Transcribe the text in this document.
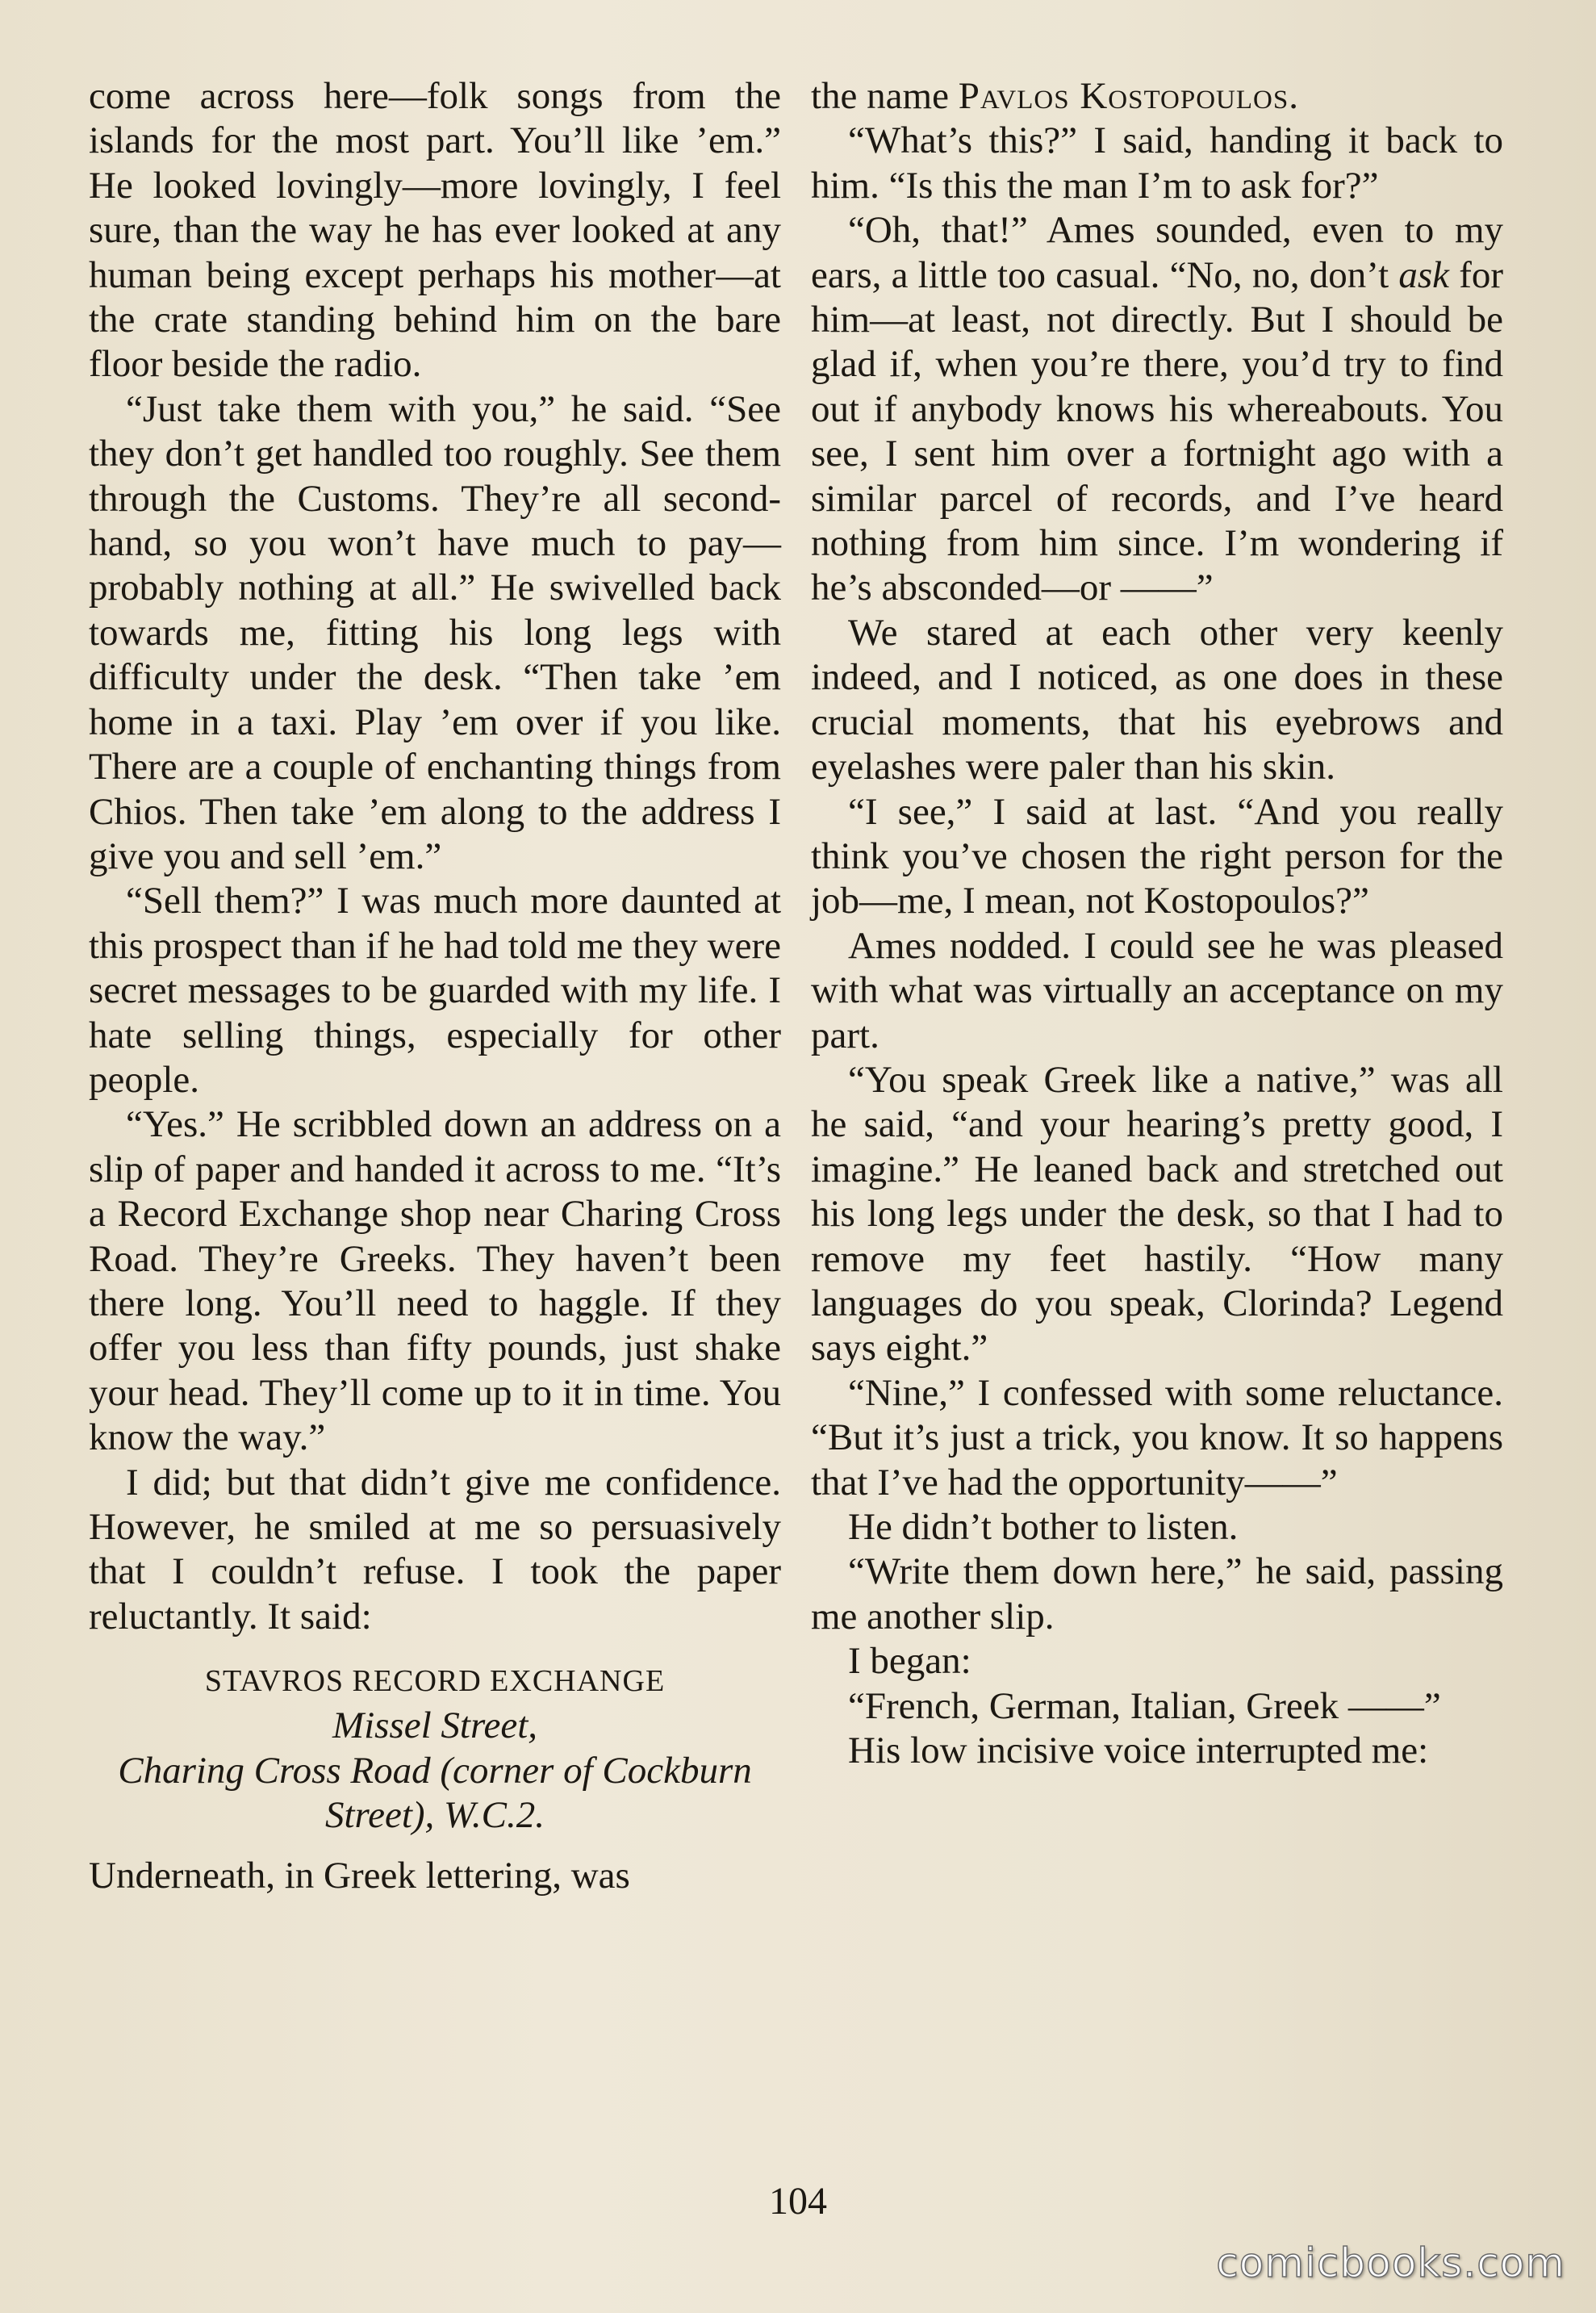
come across here—folk songs from the islands for the most part. You’ll like ’em.” He looked lovingly—more lovingly, I feel sure, than the way he has ever looked at any human being except perhaps his mother—at the crate standing behind him on the bare floor beside the radio.

“Just take them with you,” he said. “See they don’t get handled too roughly. See them through the Customs. They’re all second-hand, so you won’t have much to pay—probably nothing at all.” He swivelled back towards me, fitting his long legs with difficulty under the desk. “Then take ’em home in a taxi. Play ’em over if you like. There are a couple of enchanting things from Chios. Then take ’em along to the address I give you and sell ’em.”

“Sell them?” I was much more daunted at this prospect than if he had told me they were secret messages to be guarded with my life. I hate selling things, especially for other people.

“Yes.” He scribbled down an address on a slip of paper and handed it across to me. “It’s a Record Exchange shop near Charing Cross Road. They’re Greeks. They haven’t been there long. You’ll need to haggle. If they offer you less than fifty pounds, just shake your head. They’ll come up to it in time. You know the way.”

I did; but that didn’t give me confidence. However, he smiled at me so persuasively that I couldn’t refuse. I took the paper reluctantly. It said:

STAVROS RECORD EXCHANGE
Missel Street,
Charing Cross Road (corner of Cockburn Street), W.C.2.

Underneath, in Greek lettering, was

the name Pavlos Kostopoulos.

“What’s this?” I said, handing it back to him. “Is this the man I’m to ask for?”

“Oh, that!” Ames sounded, even to my ears, a little too casual. “No, no, don’t ask for him—at least, not directly. But I should be glad if, when you’re there, you’d try to find out if anybody knows his whereabouts. You see, I sent him over a fortnight ago with a similar parcel of records, and I’ve heard nothing from him since. I’m wondering if he’s absconded—or ——”

We stared at each other very keenly indeed, and I noticed, as one does in these crucial moments, that his eyebrows and eyelashes were paler than his skin.

“I see,” I said at last. “And you really think you’ve chosen the right person for the job—me, I mean, not Kostopoulos?”

Ames nodded. I could see he was pleased with what was virtually an acceptance on my part.

“You speak Greek like a native,” was all he said, “and your hearing’s pretty good, I imagine.” He leaned back and stretched out his long legs under the desk, so that I had to remove my feet hastily. “How many languages do you speak, Clorinda? Legend says eight.”

“Nine,” I confessed with some reluctance. “But it’s just a trick, you know. It so happens that I’ve had the opportunity——”

He didn’t bother to listen.

“Write them down here,” he said, passing me another slip.

I began:

“French, German, Italian, Greek ——”

His low incisive voice interrupted me:

104
comicbooks.com
